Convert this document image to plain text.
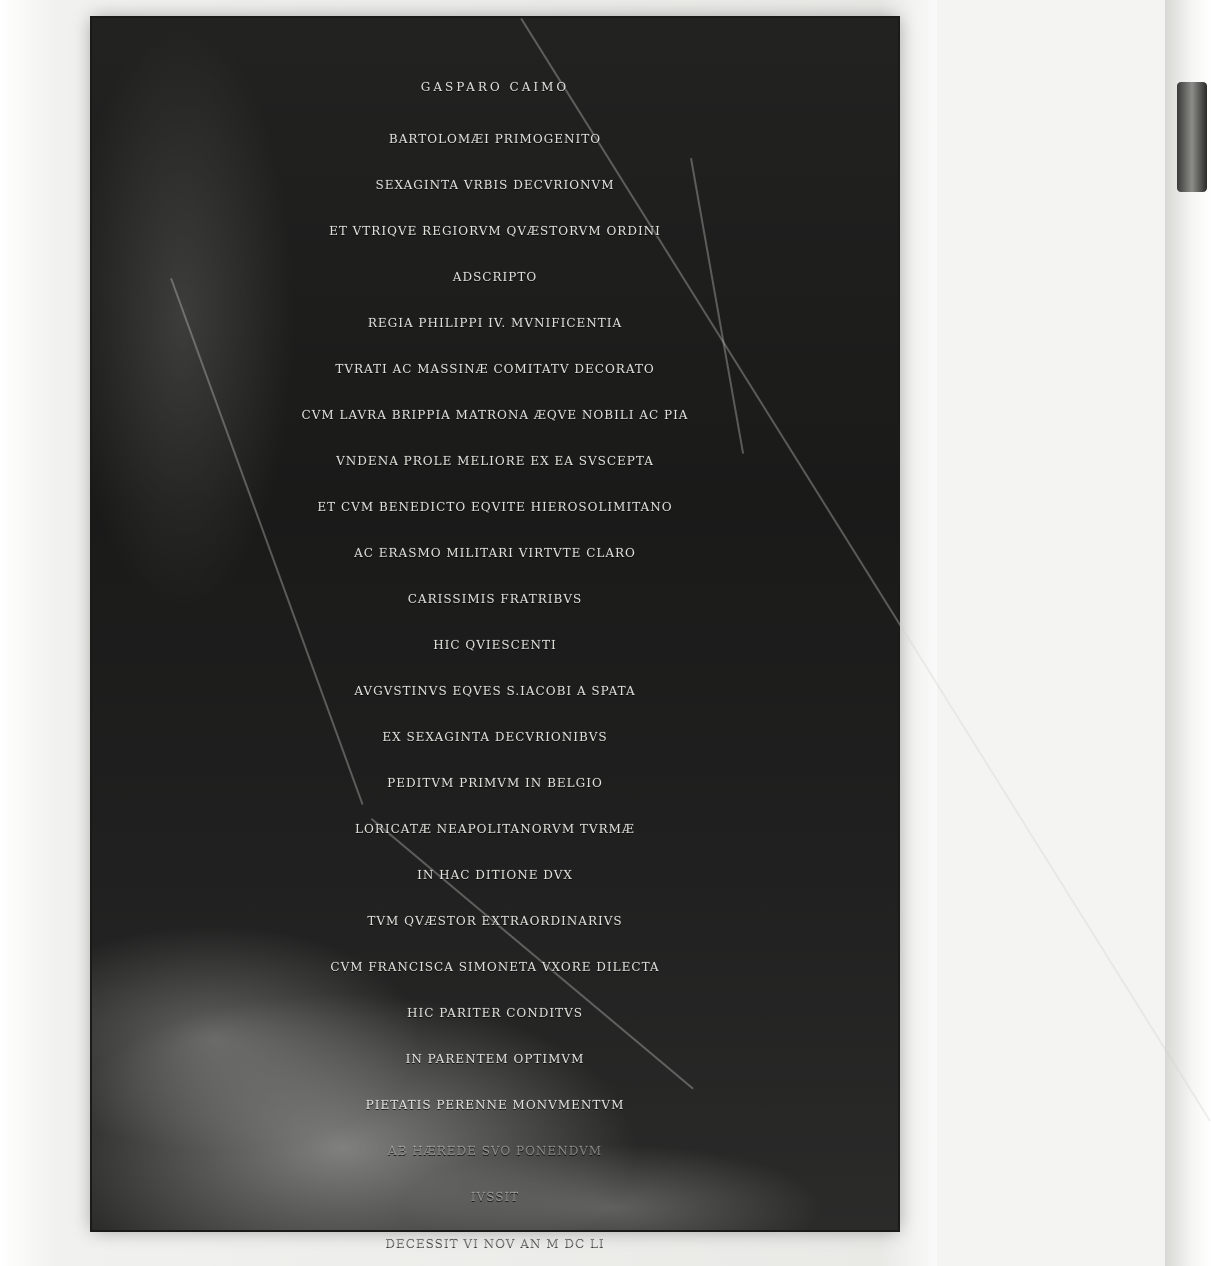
GASPARO CAIMO
BARTOLOMÆI PRIMOGENITO
SEXAGINTA VRBIS DECVRIONVM
ET VTRIQVE REGIORVM QVÆSTORVM ORDINI
ADSCRIPTO
REGIA PHILIPPI IV. MVNIFICENTIA
TVRATI AC MASSINÆ COMITATV DECORATO
CVM LAVRA BRIPPIA MATRONA ÆQVE NOBILI AC PIA
VNDENA PROLE MELIORE EX EA SVSCEPTA
ET CVM BENEDICTO EQVITE HIEROSOLIMITANO
AC ERASMO MILITARI VIRTVTE CLARO
CARISSIMIS FRATRIBVS
HIC QVIESCENTI
AVGVSTINVS EQVES S.IACOBI A SPATA
EX SEXAGINTA DECVRIONIBVS
PEDITVM PRIMVM IN BELGIO
LORICATÆ NEAPOLITANORVM TVRMÆ
IN HAC DITIONE DVX
TVM QVÆSTOR EXTRAORDINARIVS
CVM FRANCISCA SIMONETA VXORE DILECTA
HIC PARITER CONDITVS
IN PARENTEM OPTIMVM
PIETATIS PERENNE MONVMENTVM
AB HÆREDE SVO PONENDVM
IVSSIT
DECESSIT VI NOV AN M DC LI
